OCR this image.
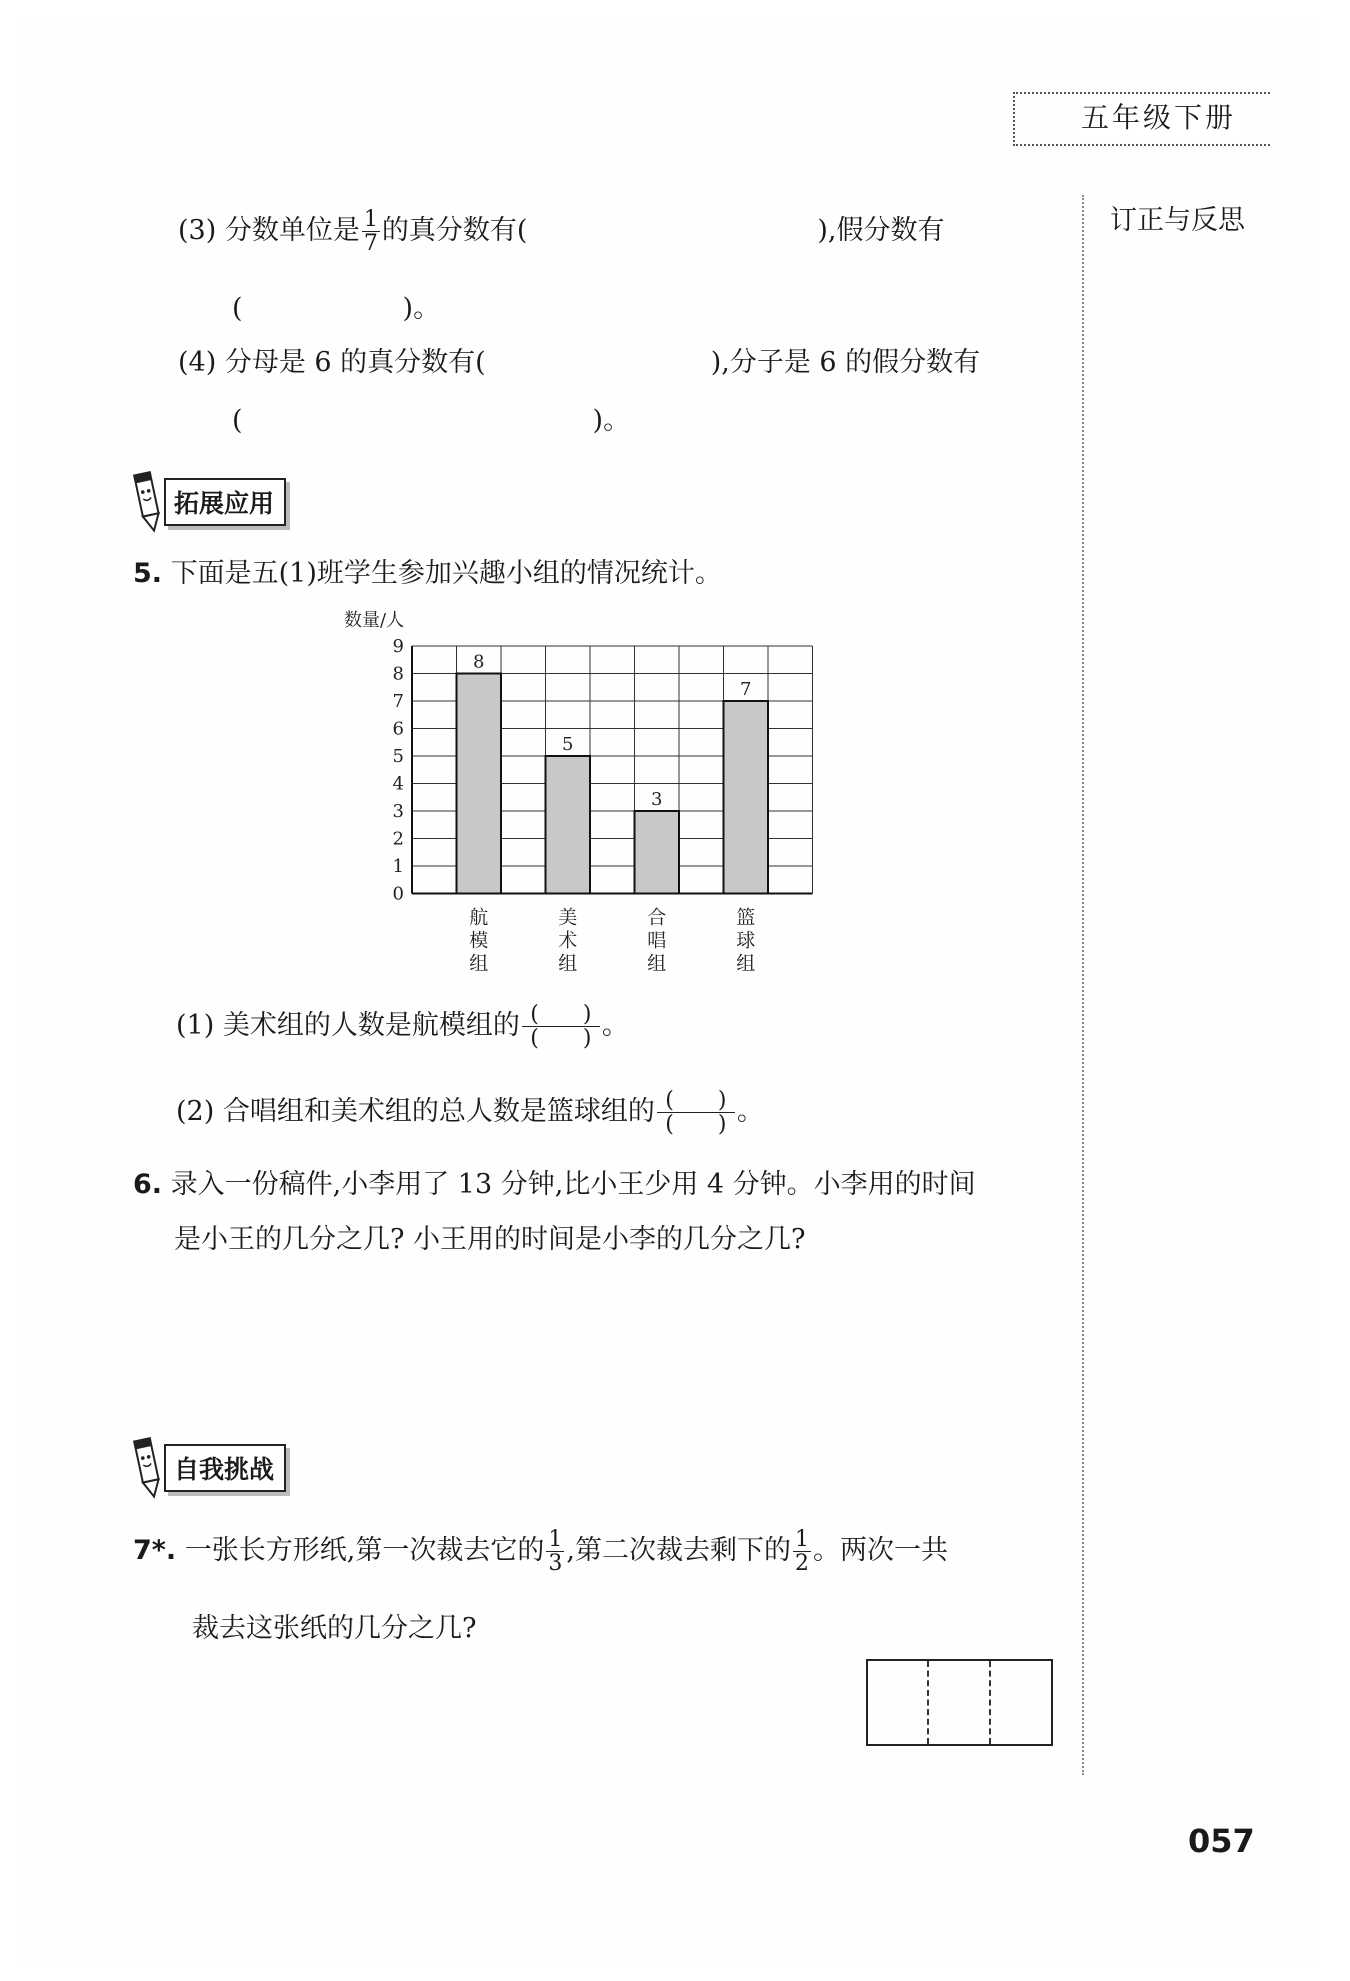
五年级下册
订正与反思
(3) 分数单位是 $\frac{1}{7}$ 的真分数有(	),假分数有
(	)。
(4) 分母是 6 的真分数有(	),分子是 6 的假分数有
(	)。
拓展应用
5. 下面是五(1)班学生参加兴趣小组的情况统计。
数量/人
0
1
2
3
4
5
6
7
8
9
8
航
模
组
5
美
术
组
3
合
唱
组
7
篮
球
组
(1) 美术组的人数是航模组的 $\frac{( )}{( )}$ 。
(2) 合唱组和美术组的总人数是篮球组的 $\frac{( )}{( )}$ 。
6. 录入一份稿件,小李用了 13 分钟,比小王少用 4 分钟。小李用的时间
是小王的几分之几? 小王用的时间是小李的几分之几?
自我挑战
7*. 一张长方形纸,第一次裁去它的 $\frac{1}{3}$ ,第二次裁去剩下的 $\frac{1}{2}$ 。两次一共
裁去这张纸的几分之几?
057
